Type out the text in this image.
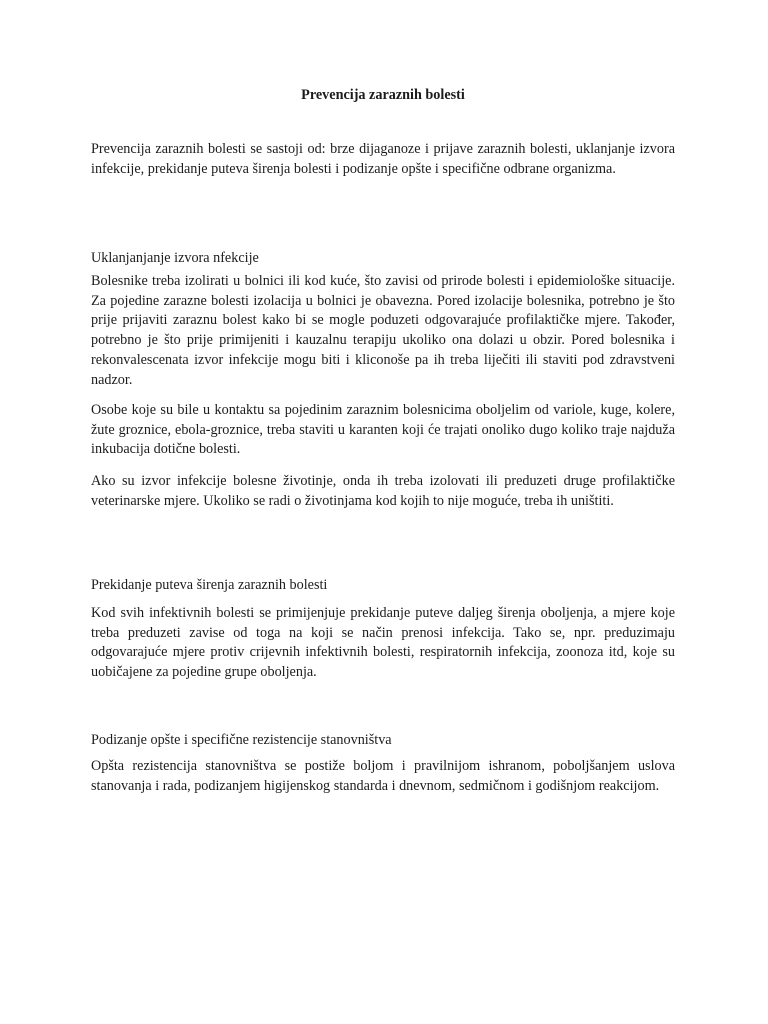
Prevencija zaraznih bolesti

Prevencija zaraznih bolesti se sastoji od: brze dijaganoze i prijave zaraznih bolesti, uklanjanje izvora infekcije, prekidanje puteva širenja bolesti i podizanje opšte i specifične odbrane organizma.

Uklanjanjanje izvora nfekcije

Bolesnike treba izolirati u bolnici ili kod kuće, što zavisi od prirode bolesti i epidemiološke situacije. Za pojedine zarazne bolesti izolacija u bolnici je obavezna. Pored izolacije bolesnika, potrebno je što prije prijaviti zaraznu bolest kako bi se mogle poduzeti odgovarajuće profilaktičke mjere. Također, potrebno je što prije primijeniti i kauzalnu terapiju ukoliko ona dolazi u obzir. Pored bolesnika i rekonvalescenata izvor infekcije mogu biti i kliconoše pa ih treba liječiti ili staviti pod zdravstveni nadzor.

Osobe koje su bile u kontaktu sa pojedinim zaraznim bolesnicima oboljelim od variole, kuge, kolere, žute groznice, ebola-groznice, treba staviti u karanten koji će trajati onoliko dugo koliko traje najduža inkubacija dotične bolesti.

Ako su izvor infekcije bolesne životinje, onda ih treba izolovati ili preduzeti druge profilaktičke veterinarske mjere. Ukoliko se radi o životinjama kod kojih to nije moguće, treba ih uništiti.

Prekidanje puteva širenja zaraznih bolesti

Kod svih infektivnih bolesti se primijenjuje prekidanje puteve daljeg širenja oboljenja, a mjere koje treba preduzeti zavise od toga na koji se način prenosi infekcija. Tako se, npr. preduzimaju odgovarajuće mjere protiv crijevnih infektivnih bolesti, respiratornih infekcija, zoonoza itd, koje su uobičajene za pojedine grupe oboljenja.

Podizanje opšte i specifične rezistencije stanovništva

Opšta rezistencija stanovništva se postiže boljom i pravilnijom ishranom, poboljšanjem uslova stanovanja i rada, podizanjem higijenskog standarda i dnevnom, sedmičnom i godišnjom reakcijom.
